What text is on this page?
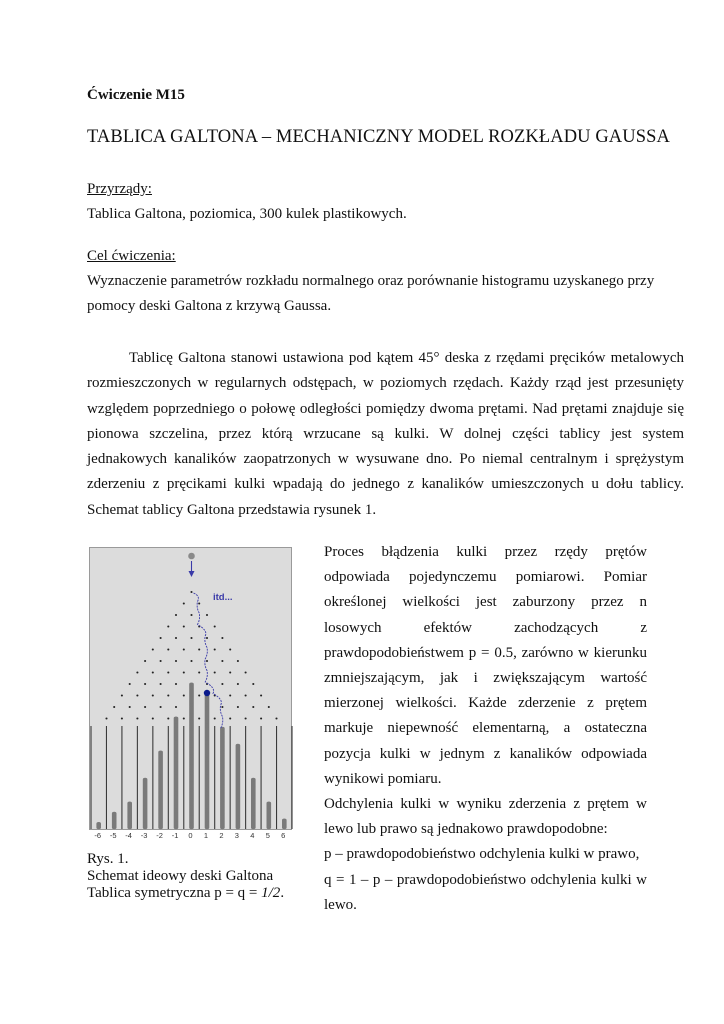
Ćwiczenie M15
TABLICA GALTONA – MECHANICZNY MODEL ROZKŁADU GAUSSA
Przyrządy:
Tablica Galtona, poziomica, 300 kulek plastikowych.
Cel ćwiczenia:
Wyznaczenie parametrów rozkładu normalnego oraz porównanie histogramu uzyskanego przy
pomocy deski Galtona z krzywą Gaussa.
Tablicę Galtona stanowi ustawiona pod kątem 45° deska z rzędami pręcików metalowych rozmieszczonych w regularnych odstępach, w poziomych rzędach. Każdy rząd jest przesunięty względem poprzedniego o połowę odległości pomiędzy dwoma prętami. Nad prętami znajduje się pionowa szczelina, przez którą wrzucane są kulki. W dolnej części tablicy jest system jednakowych kanalików zaopatrzonych w wysuwane dno. Po niemal centralnym i sprężystym zderzeniu z pręcikami kulki wpadają do jednego z kanalików umieszczonych u dołu tablicy. Schemat tablicy Galtona przedstawia rysunek 1.
itd...
-6 -5 -4 -3 -2 -1 0 1 2 3 4 5 6
Rys. 1.
Schemat ideowy deski Galtona
Tablica symetryczna p = q = 1/2.

Proces błądzenia kulki przez rzędy prętów odpowiada pojedynczemu pomiarowi. Pomiar określonej wielkości jest zaburzony przez n losowych efektów zachodzących z prawdopodobieństwem p = 0.5, zarówno w kierunku zmniejszającym, jak i zwiększającym wartość mierzonej wielkości. Każde zderzenie z prętem markuje niepewność elementarną, a ostateczna pozycja kulki w jednym z kanalików odpowiada wynikowi pomiaru.

Odchylenia kulki w wyniku zderzenia z prętem w lewo lub prawo są jednakowo prawdopodobne:

p – prawdopodobieństwo odchylenia kulki w prawo,

q = 1 – p – prawdopodobieństwo odchylenia kulki w lewo.
